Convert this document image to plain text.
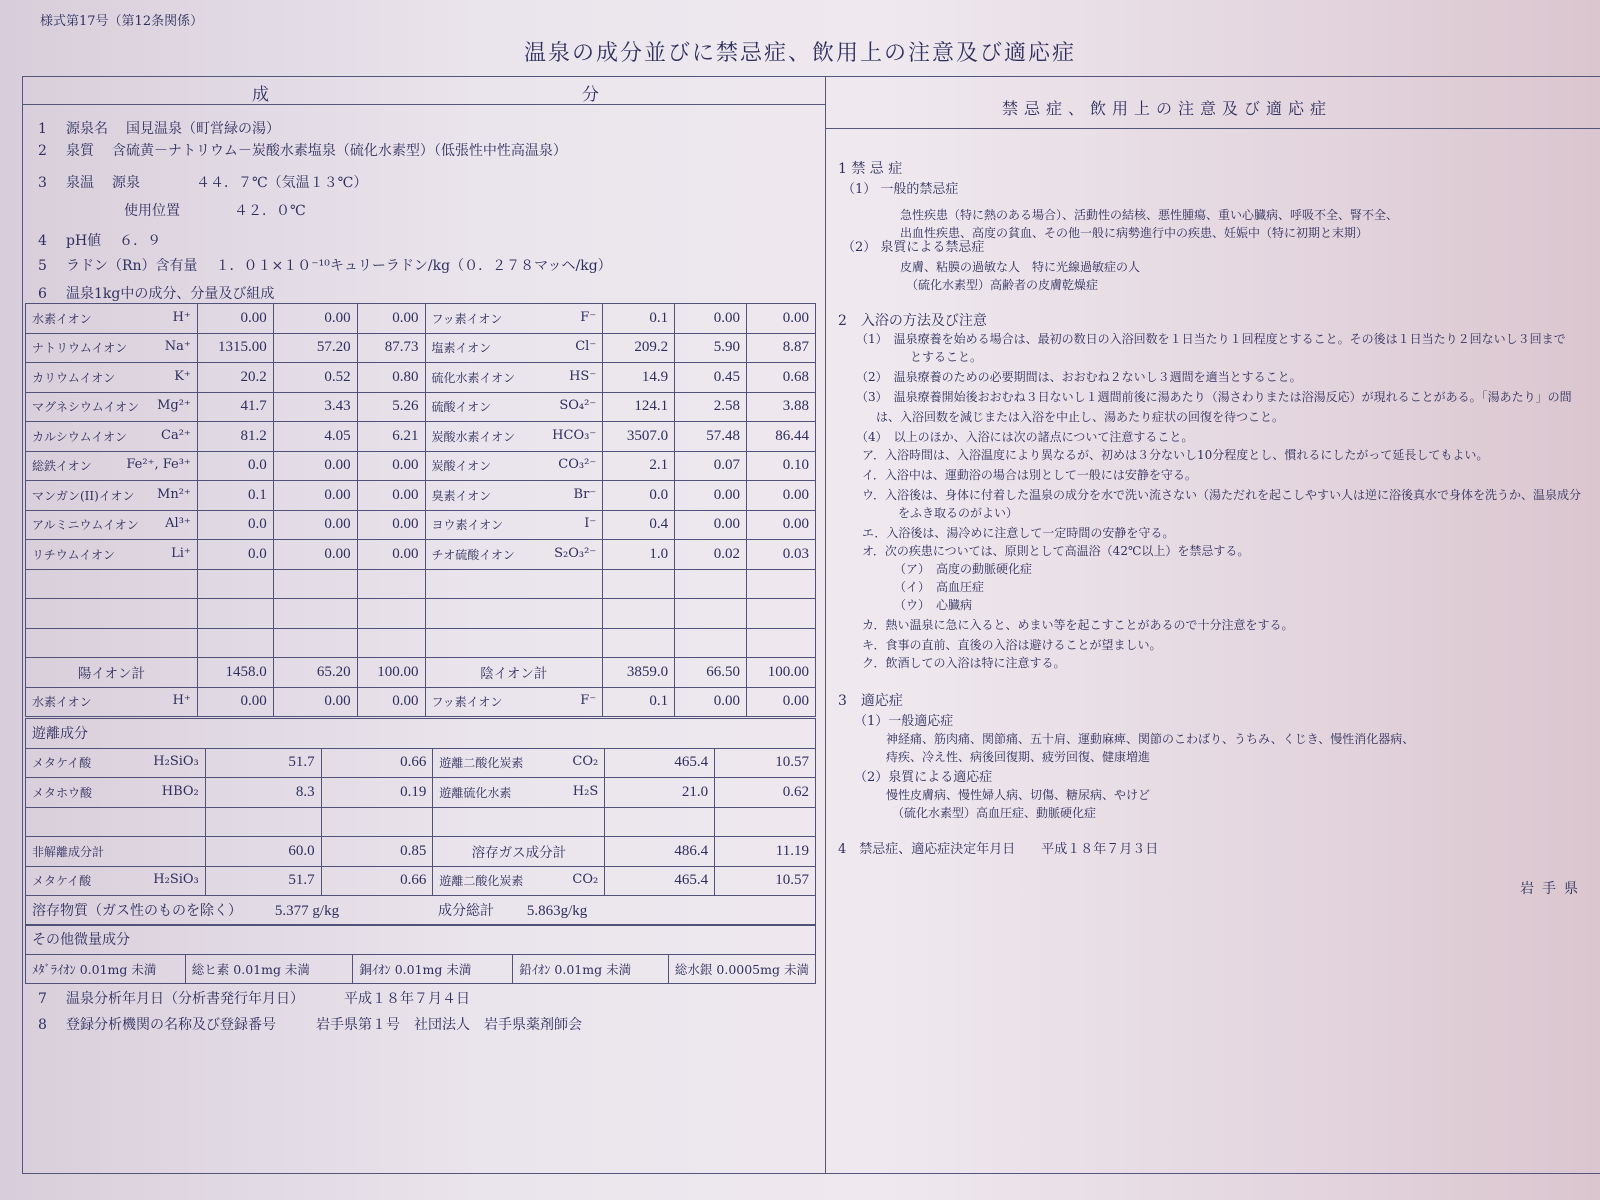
様式第17号（第12条関係）
温泉の成分並びに禁忌症、飲用上の注意及び適応症
成	分
禁忌症、飲用上の注意及び適応症
1 源泉名 国見温泉（町営緑の湯）
2 泉質 含硫黄－ナトリウム－炭酸水素塩泉（硫化水素型）（低張性中性高温泉）
3 泉温 源泉	４４．７℃（気温１３℃）
使用位置	４２．０℃
4 pH値 ６．９
5 ラドン（Rn）含有量 １．０１×１０⁻¹⁰キュリーラドン/kg（０．２７８マッヘ/kg）
6 温泉1kg中の成分、分量及び組成
水素イオン H⁺	0.00	0.00	0.00	フッ素イオン F⁻	0.1	0.00	0.00
ナトリウムイオン Na⁺	1315.00	57.20	87.73	塩素イオン Cl⁻	209.2	5.90	8.87
カリウムイオン K⁺	20.2	0.52	0.80	硫化水素イオン HS⁻	14.9	0.45	0.68
マグネシウムイオン Mg²⁺	41.7	3.43	5.26	硫酸イオン SO₄²⁻	124.1	2.58	3.88
カルシウムイオン Ca²⁺	81.2	4.05	6.21	炭酸水素イオン HCO₃⁻	3507.0	57.48	86.44
総鉄イオン Fe²⁺, Fe³⁺	0.0	0.00	0.00	炭酸イオン CO₃²⁻	2.1	0.07	0.10
マンガン(II)イオン Mn²⁺	0.1	0.00	0.00	臭素イオン Br⁻	0.0	0.00	0.00
アルミニウムイオン Al³⁺	0.0	0.00	0.00	ヨウ素イオン I⁻	0.4	0.00	0.00
リチウムイオン Li⁺	0.0	0.00	0.00	チオ硫酸イオン S₂O₃²⁻	1.0	0.02	0.03

陽イオン計	1458.0	65.20	100.00	陰イオン計	3859.0	66.50	100.00
水素イオン H⁺	0.00	0.00	0.00	フッ素イオン F⁻	0.1	0.00	0.00
遊離成分					
メタケイ酸 H₂SiO₃	51.7	0.66	遊離二酸化炭素 CO₂	465.4	10.57
メタホウ酸 HBO₂	8.3	0.19	遊離硫化水素 H₂S	21.0	0.62

非解離成分計	60.0	0.85	溶存ガス成分計	486.4	11.19
メタケイ酸 H₂SiO₃	51.7	0.66	遊離二酸化炭素 CO₂	465.4	10.57
溶存物質（ガス性のものを除く） 5.377 g/kg 成分総計 5.863g/kg					
その他微量成分
ﾒﾀﾞﾗｲｵﾝ 0.01mg 未満	総ヒ素 0.01mg 未満	銅ｲｵﾝ 0.01mg 未満	鉛ｲｵﾝ 0.01mg 未満	総水銀 0.0005mg 未満
7 温泉分析年月日（分析書発行年月日）	平成１８年７月４日
8 登録分析機関の名称及び登録番号	岩手県第１号　社団法人　岩手県薬剤師会
1 禁 忌 症
（1） 一般的禁忌症
急性疾患（特に熱のある場合）、活動性の結核、悪性腫瘍、重い心臓病、呼吸不全、腎不全、
出血性疾患、高度の貧血、その他一般に病勢進行中の疾患、妊娠中（特に初期と末期）
（2） 泉質による禁忌症
皮膚、粘膜の過敏な人　特に光線過敏症の人
（硫化水素型）高齢者の皮膚乾燥症
2　入浴の方法及び注意
（1）　温泉療養を始める場合は、最初の数日の入浴回数を１日当たり１回程度とすること。その後は１日当たり２回ないし３回まで
とすること。
（2）　温泉療養のための必要期間は、おおむね２ないし３週間を適当とすること。
（3）　温泉療養開始後おおむね３日ないし１週間前後に湯あたり（湯さわりまたは浴湯反応）が現れることがある。「湯あたり」の間
は、入浴回数を減じまたは入浴を中止し、湯あたり症状の回復を待つこと。
（4）　以上のほか、入浴には次の諸点について注意すること。
ア．入浴時間は、入浴温度により異なるが、初めは３分ないし10分程度とし、慣れるにしたがって延長してもよい。
イ．入浴中は、運動浴の場合は別として一般には安静を守る。
ウ．入浴後は、身体に付着した温泉の成分を水で洗い流さない（湯ただれを起こしやすい人は逆に浴後真水で身体を洗うか、温泉成分
をふき取るのがよい）
エ．入浴後は、湯冷めに注意して一定時間の安静を守る。
オ．次の疾患については、原則として高温浴（42℃以上）を禁忌する。
（ア）　高度の動脈硬化症
（イ）　高血圧症
（ウ）　心臓病
カ．熱い温泉に急に入ると、めまい等を起こすことがあるので十分注意をする。
キ．食事の直前、直後の入浴は避けることが望ましい。
ク．飲酒しての入浴は特に注意する。
3　適応症
（1）一般適応症
神経痛、筋肉痛、関節痛、五十肩、運動麻痺、関節のこわばり、うちみ、くじき、慢性消化器病、
痔疾、冷え性、病後回復期、疲労回復、健康増進
（2）泉質による適応症
慢性皮膚病、慢性婦人病、切傷、糖尿病、やけど
（硫化水素型）高血圧症、動脈硬化症
4　禁忌症、適応症決定年月日　　平成１８年７月３日
岩手県
